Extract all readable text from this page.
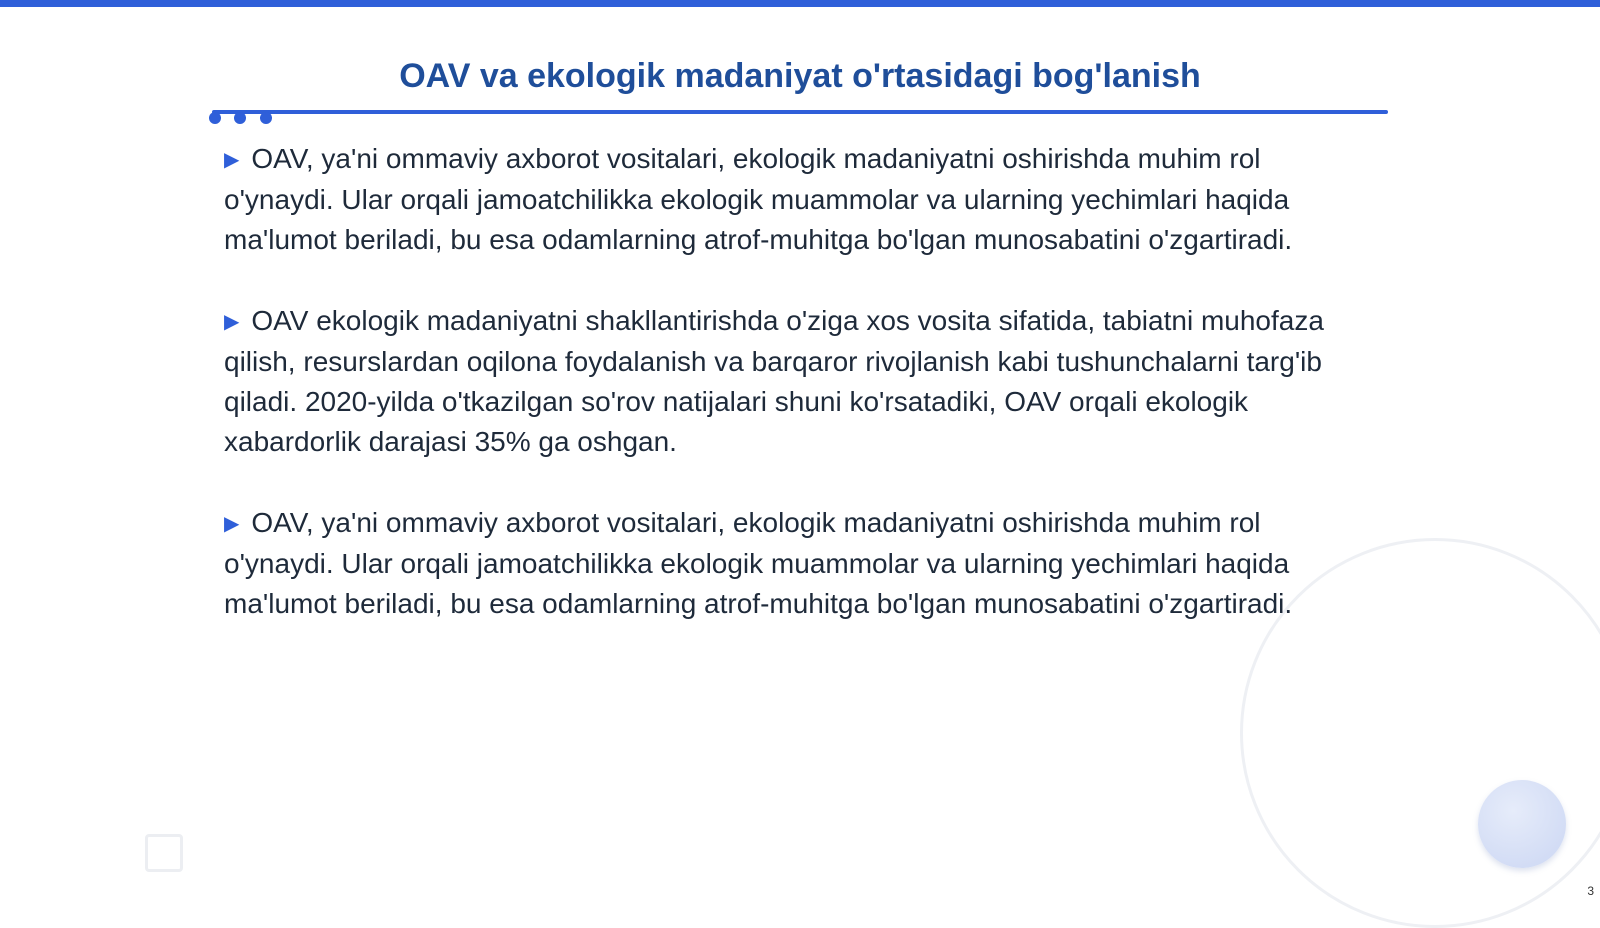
OAV va ekologik madaniyat o'rtasidagi bog'lanish

▶ OAV, ya'ni ommaviy axborot vositalari, ekologik madaniyatni oshirishda muhim rol o'ynaydi. Ular orqali jamoatchilikka ekologik muammolar va ularning yechimlari haqida ma'lumot beriladi, bu esa odamlarning atrof-muhitga bo'lgan munosabatini o'zgartiradi.

▶ OAV ekologik madaniyatni shakllantirishda o'ziga xos vosita sifatida, tabiatni muhofaza qilish, resurslardan oqilona foydalanish va barqaror rivojlanish kabi tushunchalarni targ'ib qiladi. 2020-yilda o'tkazilgan so'rov natijalari shuni ko'rsatadiki, OAV orqali ekologik xabardorlik darajasi 35% ga oshgan.

▶ OAV, ya'ni ommaviy axborot vositalari, ekologik madaniyatni oshirishda muhim rol o'ynaydi. Ular orqali jamoatchilikka ekologik muammolar va ularning yechimlari haqida ma'lumot beriladi, bu esa odamlarning atrof-muhitga bo'lgan munosabatini o'zgartiradi.

3
